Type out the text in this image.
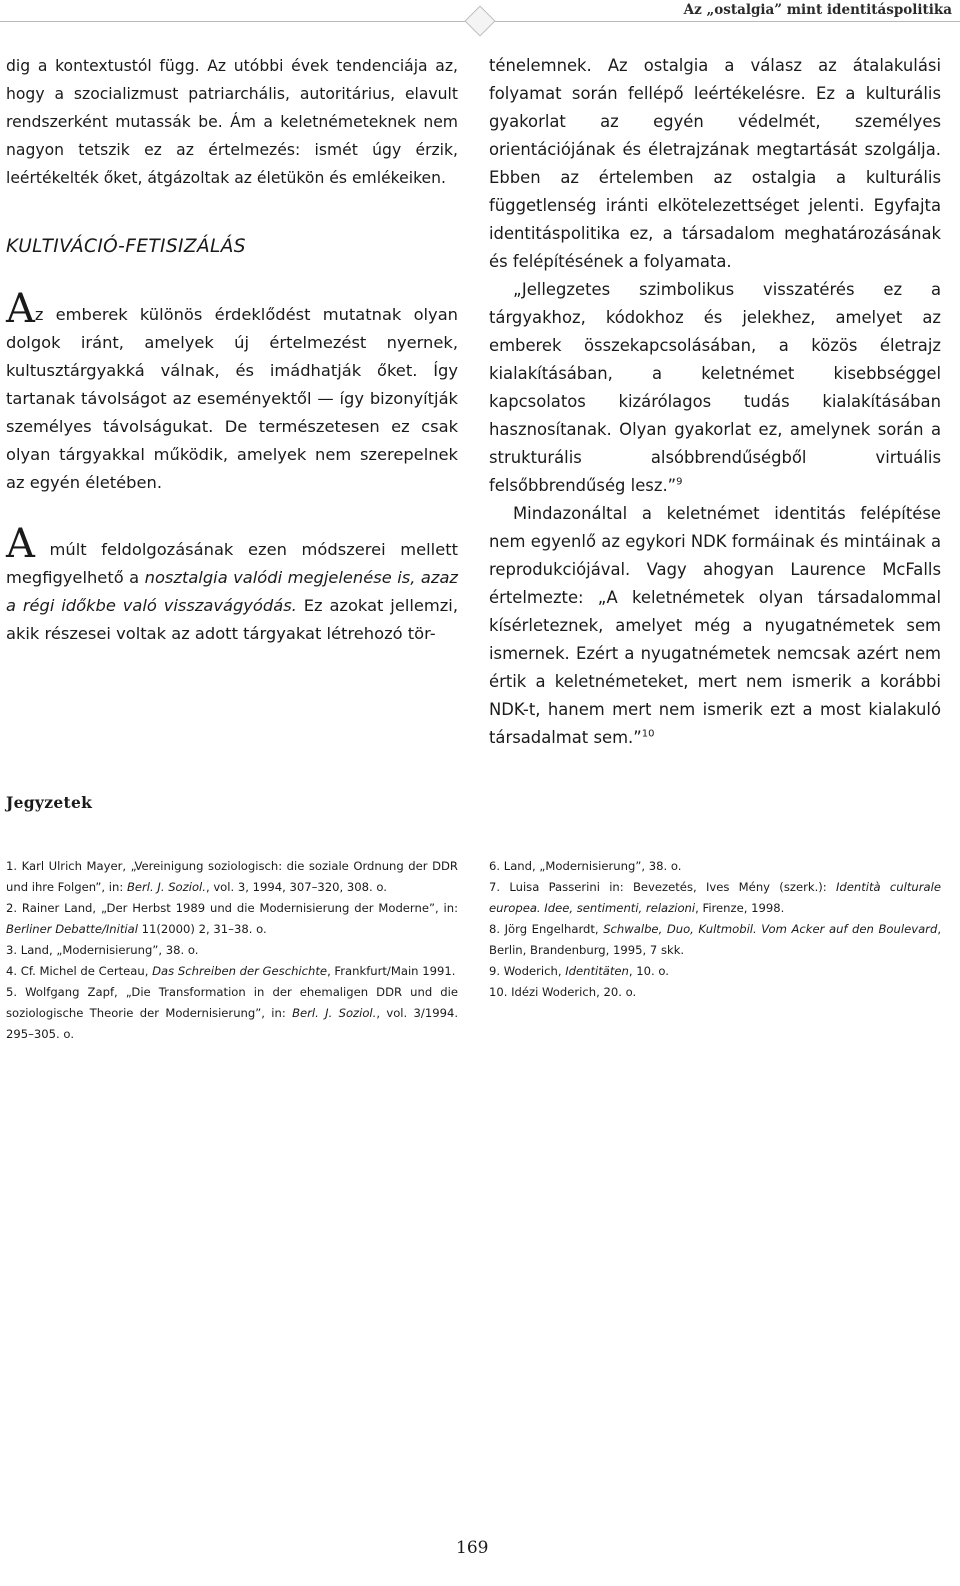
Az „ostalgia” mint identitáspolitika

dig a kontextustól függ. Az utóbbi évek tendenciája az, hogy a szocializmust patriarchális, autoritárius, elavult rendszerként mutassák be. Ám a keletnémeteknek nem nagyon tetszik ez az értelmezés: ismét úgy érzik, leértékelték őket, átgázoltak az életükön és emlékeiken.

KULTIVÁCIÓ-FETISIZÁLÁS

Az emberek különös érdeklődést mutatnak olyan dolgok iránt, amelyek új értelmezést nyernek, kultusztárgyakká válnak, és imádhatják őket. Így tartanak távolságot az eseményektől — így bizonyítják személyes távolságukat. De természetesen ez csak olyan tárgyakkal működik, amelyek nem szerepelnek az egyén életében.

A múlt feldolgozásának ezen módszerei mellett megfigyelhető a nosztalgia valódi megjelenése is, azaz a régi időkbe való visszavágyódás. Ez azokat jellemzi, akik részesei voltak az adott tárgyakat létrehozó tör-

ténelemnek. Az ostalgia a válasz az átalakulási folyamat során fellépő leértékelésre. Ez a kulturális gyakorlat az egyén védelmét, személyes orientációjának és életrajzának megtartását szolgálja. Ebben az értelemben az ostalgia a kulturális függetlenség iránti elkötelezettséget jelenti. Egyfajta identitáspolitika ez, a társadalom meghatározásának és felépítésének a folyamata.

„Jellegzetes szimbolikus visszatérés ez a tárgyakhoz, kódokhoz és jelekhez, amelyet az emberek összekapcsolásában, a közös életrajz kialakításában, a keletnémet kisebbséggel kapcsolatos kizárólagos tudás kialakításában hasznosítanak. Olyan gyakorlat ez, amelynek során a strukturális alsóbbrendűségből virtuális felsőbbrendűség lesz.”$^9$

Mindazonáltal a keletnémet identitás felépítése nem egyenlő az egykori NDK formáinak és mintáinak a reprodukciójával. Vagy ahogyan Laurence McFalls értelmezte: „A keletnémetek olyan társadalommal kísérleteznek, amelyet még a nyugatnémetek sem ismernek. Ezért a nyugatnémetek nemcsak azért nem értik a keletnémeteket, mert nem ismerik a korábbi NDK-t, hanem mert nem ismerik ezt a most kialakuló társadalmat sem.”$^{10}$

Jegyzetek

1. Karl Ulrich Mayer, „Vereinigung soziologisch: die soziale Ordnung der DDR und ihre Folgen”, in: Berl. J. Soziol., vol. 3, 1994, 307–320, 308. o.

2. Rainer Land, „Der Herbst 1989 und die Modernisierung der Moderne”, in: Berliner Debatte/Initial 11(2000) 2, 31–38. o.

3. Land, „Modernisierung”, 38. o.

4. Cf. Michel de Certeau, Das Schreiben der Geschichte, Frankfurt/Main 1991.

5. Wolfgang Zapf, „Die Transformation in der ehemaligen DDR und die soziologische Theorie der Modernisierung”, in: Berl. J. Soziol., vol. 3/1994. 295–305. o.

6. Land, „Modernisierung”, 38. o.

7. Luisa Passerini in: Bevezetés, Ives Mény (szerk.): Identità culturale europea. Idee, sentimenti, relazioni, Firenze, 1998.

8. Jörg Engelhardt, Schwalbe, Duo, Kultmobil. Vom Acker auf den Boulevard, Berlin, Brandenburg, 1995, 7 skk.

9. Woderich, Identitäten, 10. o.

10. Idézi Woderich, 20. o.

169
